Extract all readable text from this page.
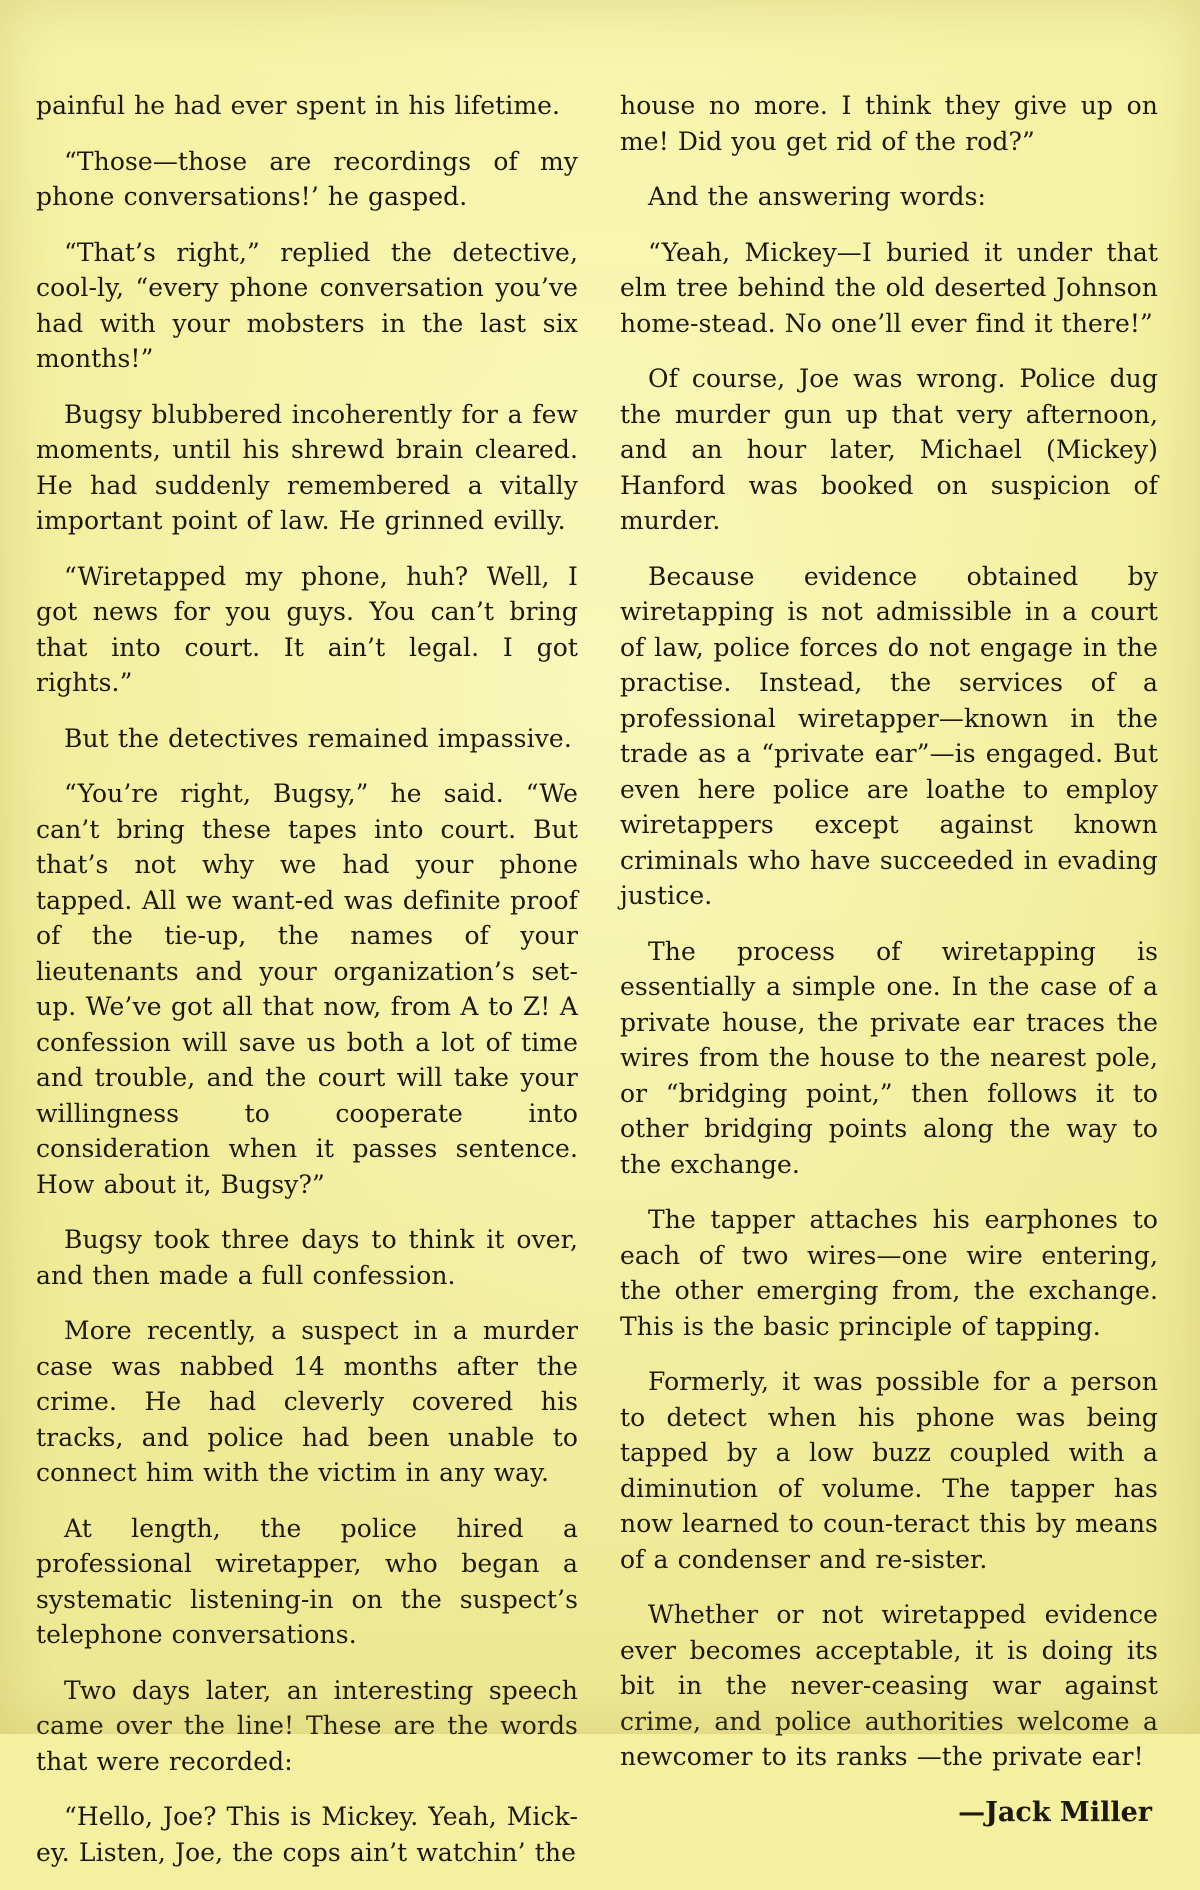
painful he had ever spent in his lifetime.

“Those—those are recordings of my phone conversations!’ he gasped.

“That’s right,” replied the detective, cool-ly, “every phone conversation you’ve had with your mobsters in the last six months!”

Bugsy blubbered incoherently for a few moments, until his shrewd brain cleared. He had suddenly remembered a vitally important point of law. He grinned evilly.

“Wiretapped my phone, huh? Well, I got news for you guys. You can’t bring that into court. It ain’t legal. I got rights.”

But the detectives remained impassive.

“You’re right, Bugsy,” he said. “We can’t bring these tapes into court. But that’s not why we had your phone tapped. All we want-ed was definite proof of the tie-up, the names of your lieutenants and your organization’s set-up. We’ve got all that now, from A to Z! A confession will save us both a lot of time and trouble, and the court will take your willingness to cooperate into consideration when it passes sentence. How about it, Bugsy?”

Bugsy took three days to think it over, and then made a full confession.

More recently, a suspect in a murder case was nabbed 14 months after the crime. He had cleverly covered his tracks, and police had been unable to connect him with the victim in any way.

At length, the police hired a professional wiretapper, who began a systematic listening-in on the suspect’s telephone conversations.

Two days later, an interesting speech came over the line! These are the words that were recorded:

“Hello, Joe? This is Mickey. Yeah, Mick-ey. Listen, Joe, the cops ain’t watchin’ the

house no more. I think they give up on me! Did you get rid of the rod?”

And the answering words:

“Yeah, Mickey—I buried it under that elm tree behind the old deserted Johnson home-stead. No one’ll ever find it there!”

Of course, Joe was wrong. Police dug the murder gun up that very afternoon, and an hour later, Michael (Mickey) Hanford was booked on suspicion of murder.

Because evidence obtained by wiretapping is not admissible in a court of law, police forces do not engage in the practise. Instead, the services of a professional wiretapper—known in the trade as a “private ear”—is engaged. But even here police are loathe to employ wiretappers except against known criminals who have succeeded in evading justice.

The process of wiretapping is essentially a simple one. In the case of a private house, the private ear traces the wires from the house to the nearest pole, or “bridging point,” then follows it to other bridging points along the way to the exchange.

The tapper attaches his earphones to each of two wires—one wire entering, the other emerging from, the exchange. This is the basic principle of tapping.

Formerly, it was possible for a person to detect when his phone was being tapped by a low buzz coupled with a diminution of volume. The tapper has now learned to coun-teract this by means of a condenser and re-sister.

Whether or not wiretapped evidence ever becomes acceptable, it is doing its bit in the never-ceasing war against crime, and police authorities welcome a newcomer to its ranks —the private ear!

—Jack Miller
